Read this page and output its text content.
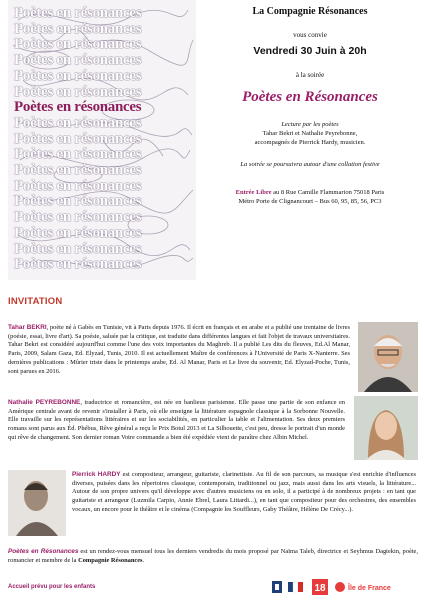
Poètes en résonances
Poètes en résonances
Poètes en résonances
Poètes en résonances
Poètes en résonances
Poètes en résonances
Poètes en résonances
Poètes en résonances
Poètes en résonances
Poètes en résonances
Poètes en résonances
Poètes en résonances
Poètes en résonances
Poètes en résonances
Poètes en résonances
Poètes en résonances
Poètes en résonances
La Compagnie Résonances
vous convie
Vendredi 30 Juin à 20h
à la soirée
Poètes en Résonances
Lecture par les poètes
Tahar Bekri et Nathalie Peyrebonne,
accompagnés de Pierrick Hardy, musicien.
La soirée se poursuivra autour d'une collation festive
Entrée Libre au 8 Rue Camille Flammarion 75018 Paris
Métro Porte de Clignancourt – Bus 60, 95, 85, 56, PC3
INVITATION
Tahar BEKRI, poète né à Gabès en Tunisie, vit à Paris depuis 1976. Il écrit en français et en arabe et a publié une trentaine de livres (poésie, essai, livre d'art). Sa poésie, saluée par la critique, est traduite dans différentes langues et fait l'objet de travaux universitaires. Tahar Bekri est considéré aujourd'hui comme l'une des voix importantes du Maghreb. Il a publié Les dits du fleuves, Ed.Al Manar, Paris, 2009, Salam Gaza, Ed. Elyzad, Tunis, 2010. Il est actuellement Maître de conférences à l'Université de Paris X-Nanterre. Ses dernières publications : Mûrier triste dans le printemps arabe, Ed. Al Manar, Paris et Le livre du souvenir, Ed. Elyzad-Poche, Tunis, sont parues en 2016.
Nathalie PEYREBONNE, traductrice et romancière, est née en banlieue parisienne. Elle passe une partie de son enfance en Amérique centrale avant de revenir s'installer à Paris, où elle enseigne la littérature espagnole classique à la Sorbonne Nouvelle. Elle travaille sur les représentations littéraires et sur les sociabilités, en particulier la table et l'alimentation. Ses deux premiers romans sont parus aux Éd. Phébus, Rêve général a reçu le Prix Botul 2013 et La Silhouette, c'est peu, dresse le portrait d'un monde qui rêve de changement. Son dernier roman Votre commande a bien été expédiée vient de paraître chez Albin Michel.
Pierrick HARDY est compositeur, arrangeur, guitariste, clarinettiste. Au fil de son parcours, sa musique s'est enrichie d'influences diverses, puisées dans les répertoires classique, contemporain, traditionnel ou jazz, mais aussi dans les arts visuels, la littérature... Autour de son propre univers qu'il développe avec d'autres musiciens ou en solo, il a participé à de nombreux projets : en tant que guitariste et arrangeur (Luzmila Carpio, Annie Ebrel, Laura Littardi...), en tant que compositeur pour des orchestres, des ensembles vocaux, un encore pour le théâtre et le cinéma (Compagnie les Souffleurs, Gaby Théâtre, Hélène De Crécy...).
Poètes en Résonances est un rendez-vous mensuel tous les derniers vendredis du mois proposé par Naïma Taleb, directrice et Seyhmus Dagtekin, poète, romancier et membre de la Compagnie Résonances.
Accueil prévu pour les enfants	18	Île de France
